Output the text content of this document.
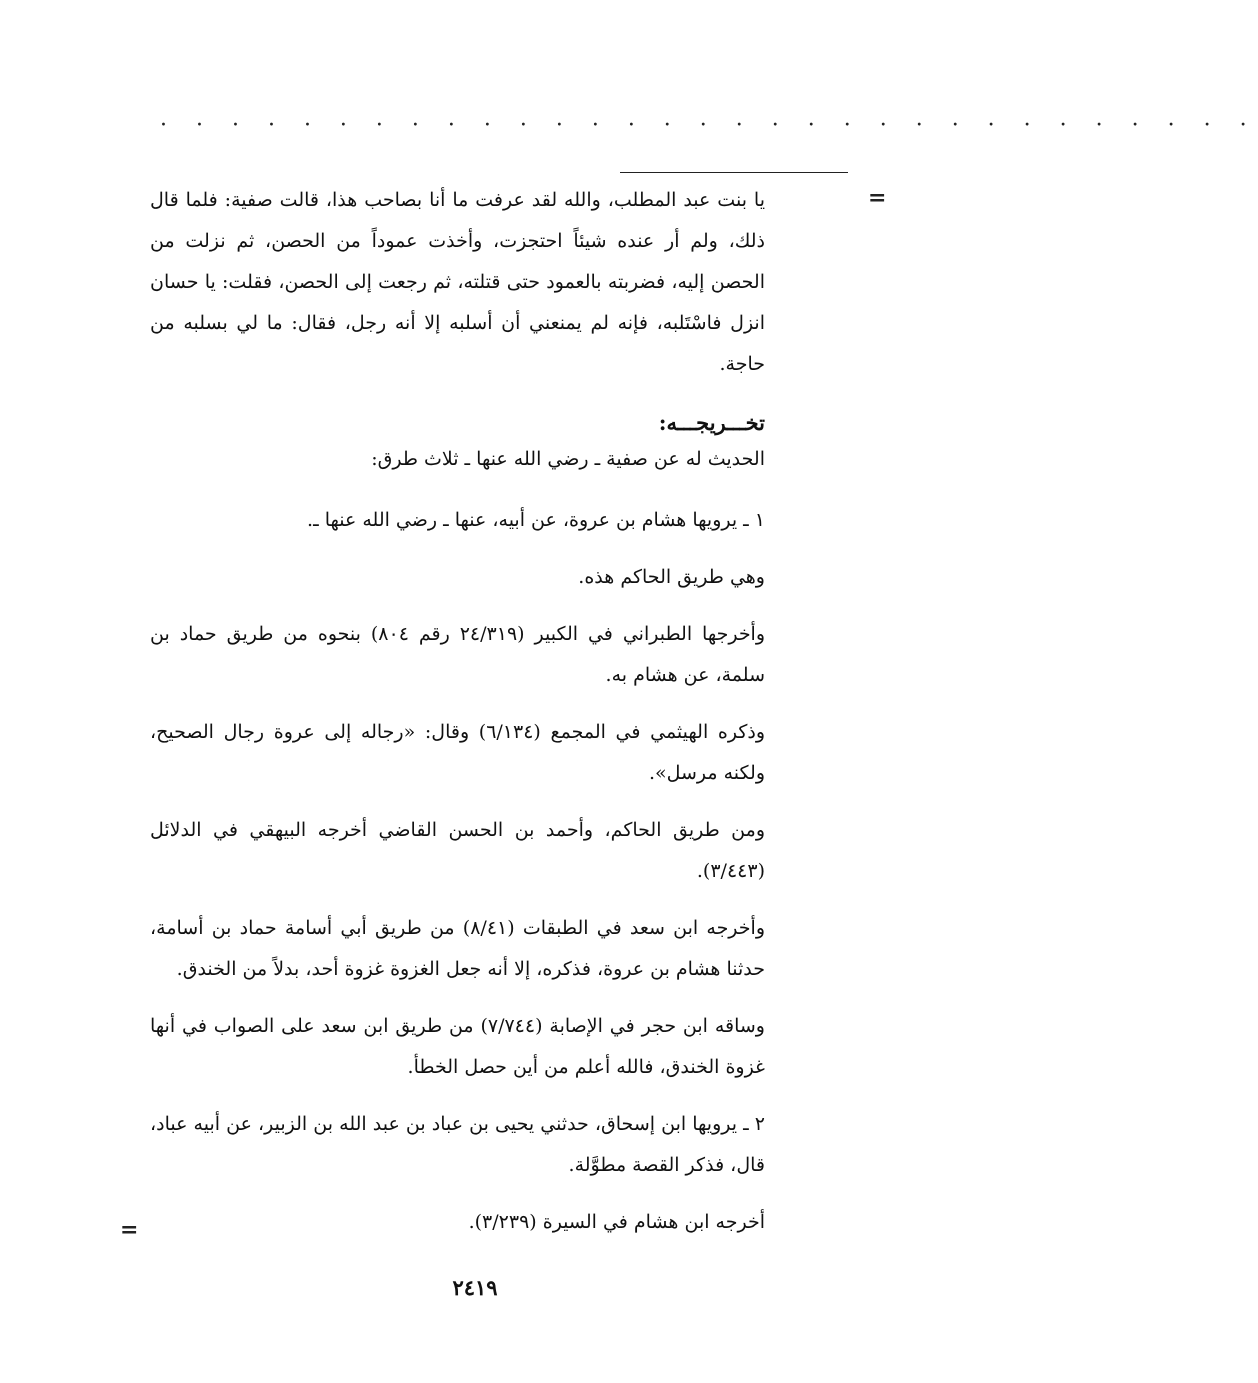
· · · · · · · · · · · · · · · · · · · · · · · · · · · · · · ·
=
=

يا بنت عبد المطلب، والله لقد عرفت ما أنا بصاحب هذا، قالت صفية: فلما قال ذلك، ولم أر عنده شيئاً احتجزت، وأخذت عموداً من الحصن، ثم نزلت من الحصن إليه، فضربته بالعمود حتى قتلته، ثم رجعت إلى الحصن، فقلت: يا حسان انزل فاسْتَلبه، فإنه لم يمنعني أن أسلبه إلا أنه رجل، فقال: ما لي بسلبه من حاجة.

تخـــريجـــه:

الحديث له عن صفية ـ رضي الله عنها ـ ثلاث طرق:

١ ـ يرويها هشام بن عروة، عن أبيه، عنها ـ رضي الله عنها ـ.

وهي طريق الحاكم هذه.

وأخرجها الطبراني في الكبير (٢٤/٣١٩ رقم ٨٠٤) بنحوه من طريق حماد بن سلمة، عن هشام به.

وذكره الهيثمي في المجمع (٦/١٣٤) وقال: «رجاله إلى عروة رجال الصحيح، ولكنه مرسل».

ومن طريق الحاكم، وأحمد بن الحسن القاضي أخرجه البيهقي في الدلائل (٣/٤٤٣).

وأخرجه ابن سعد في الطبقات (٨/٤١) من طريق أبي أسامة حماد بن أسامة، حدثنا هشام بن عروة، فذكره، إلا أنه جعل الغزوة غزوة أحد، بدلاً من الخندق.

وساقه ابن حجر في الإصابة (٧/٧٤٤) من طريق ابن سعد على الصواب في أنها غزوة الخندق، فالله أعلم من أين حصل الخطأ.

٢ ـ يرويها ابن إسحاق، حدثني يحيى بن عباد بن عبد الله بن الزبير، عن أبيه عباد، قال، فذكر القصة مطوَّلة.

أخرجه ابن هشام في السيرة (٣/٢٣٩).

٢٤١٩
